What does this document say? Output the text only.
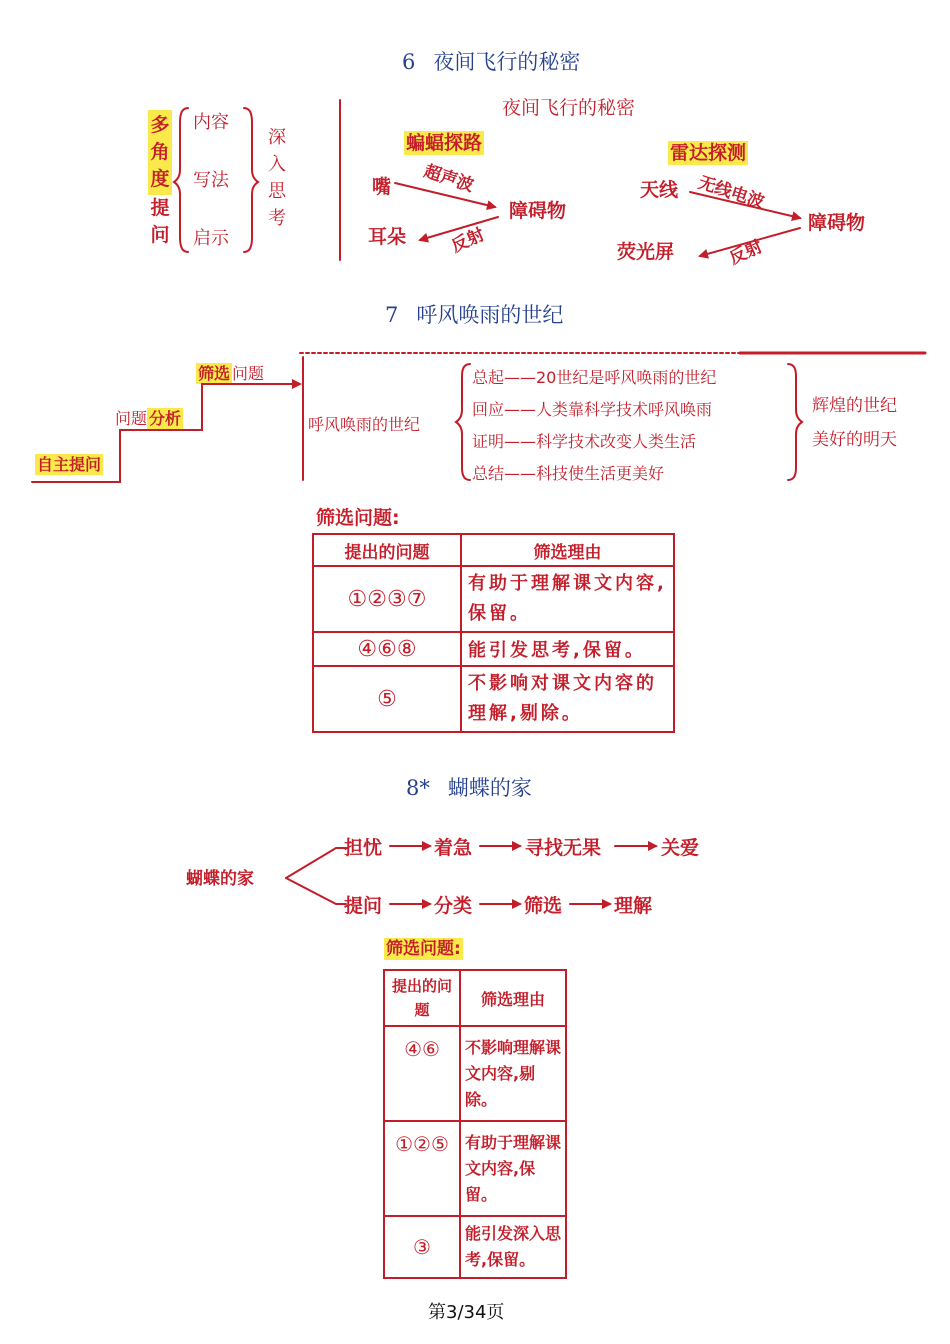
6 夜间飞行的秘密
多
角
度
提
问
内容
写法
启示
深
入
思
考
夜间飞行的秘密
蝙蝠探路
嘴 超声波
障碍物
耳朵 反射
雷达探测
天线 无线电波
障碍物
荧光屏	反射
7 呼风唤雨的世纪
自主提问
问题 分析
筛选 问题
呼风唤雨的世纪
总起——20世纪是呼风唤雨的世纪
回应——人类靠科学技术呼风唤雨
证明——科学技术改变人类生活
总结——科技使生活更美好
辉煌的世纪
美好的明天
筛选问题:
提出的问题	筛选理由
①②③⑦	有助于理解课文内容,保留。
④⑥⑧	能引发思考,保留。
⑤	不影响对课文内容的理解,剔除。
8* 蝴蝶的家
蝴蝶的家
担忧	着急	寻找无果	关爱
提问	分类	筛选	理解
筛选问题:
提出的问题	筛选理由
④⑥	不影响理解课文内容,剔除。
①②⑤	有助于理解课文内容,保留。
③	能引发深入思考,保留。
第3/34页
